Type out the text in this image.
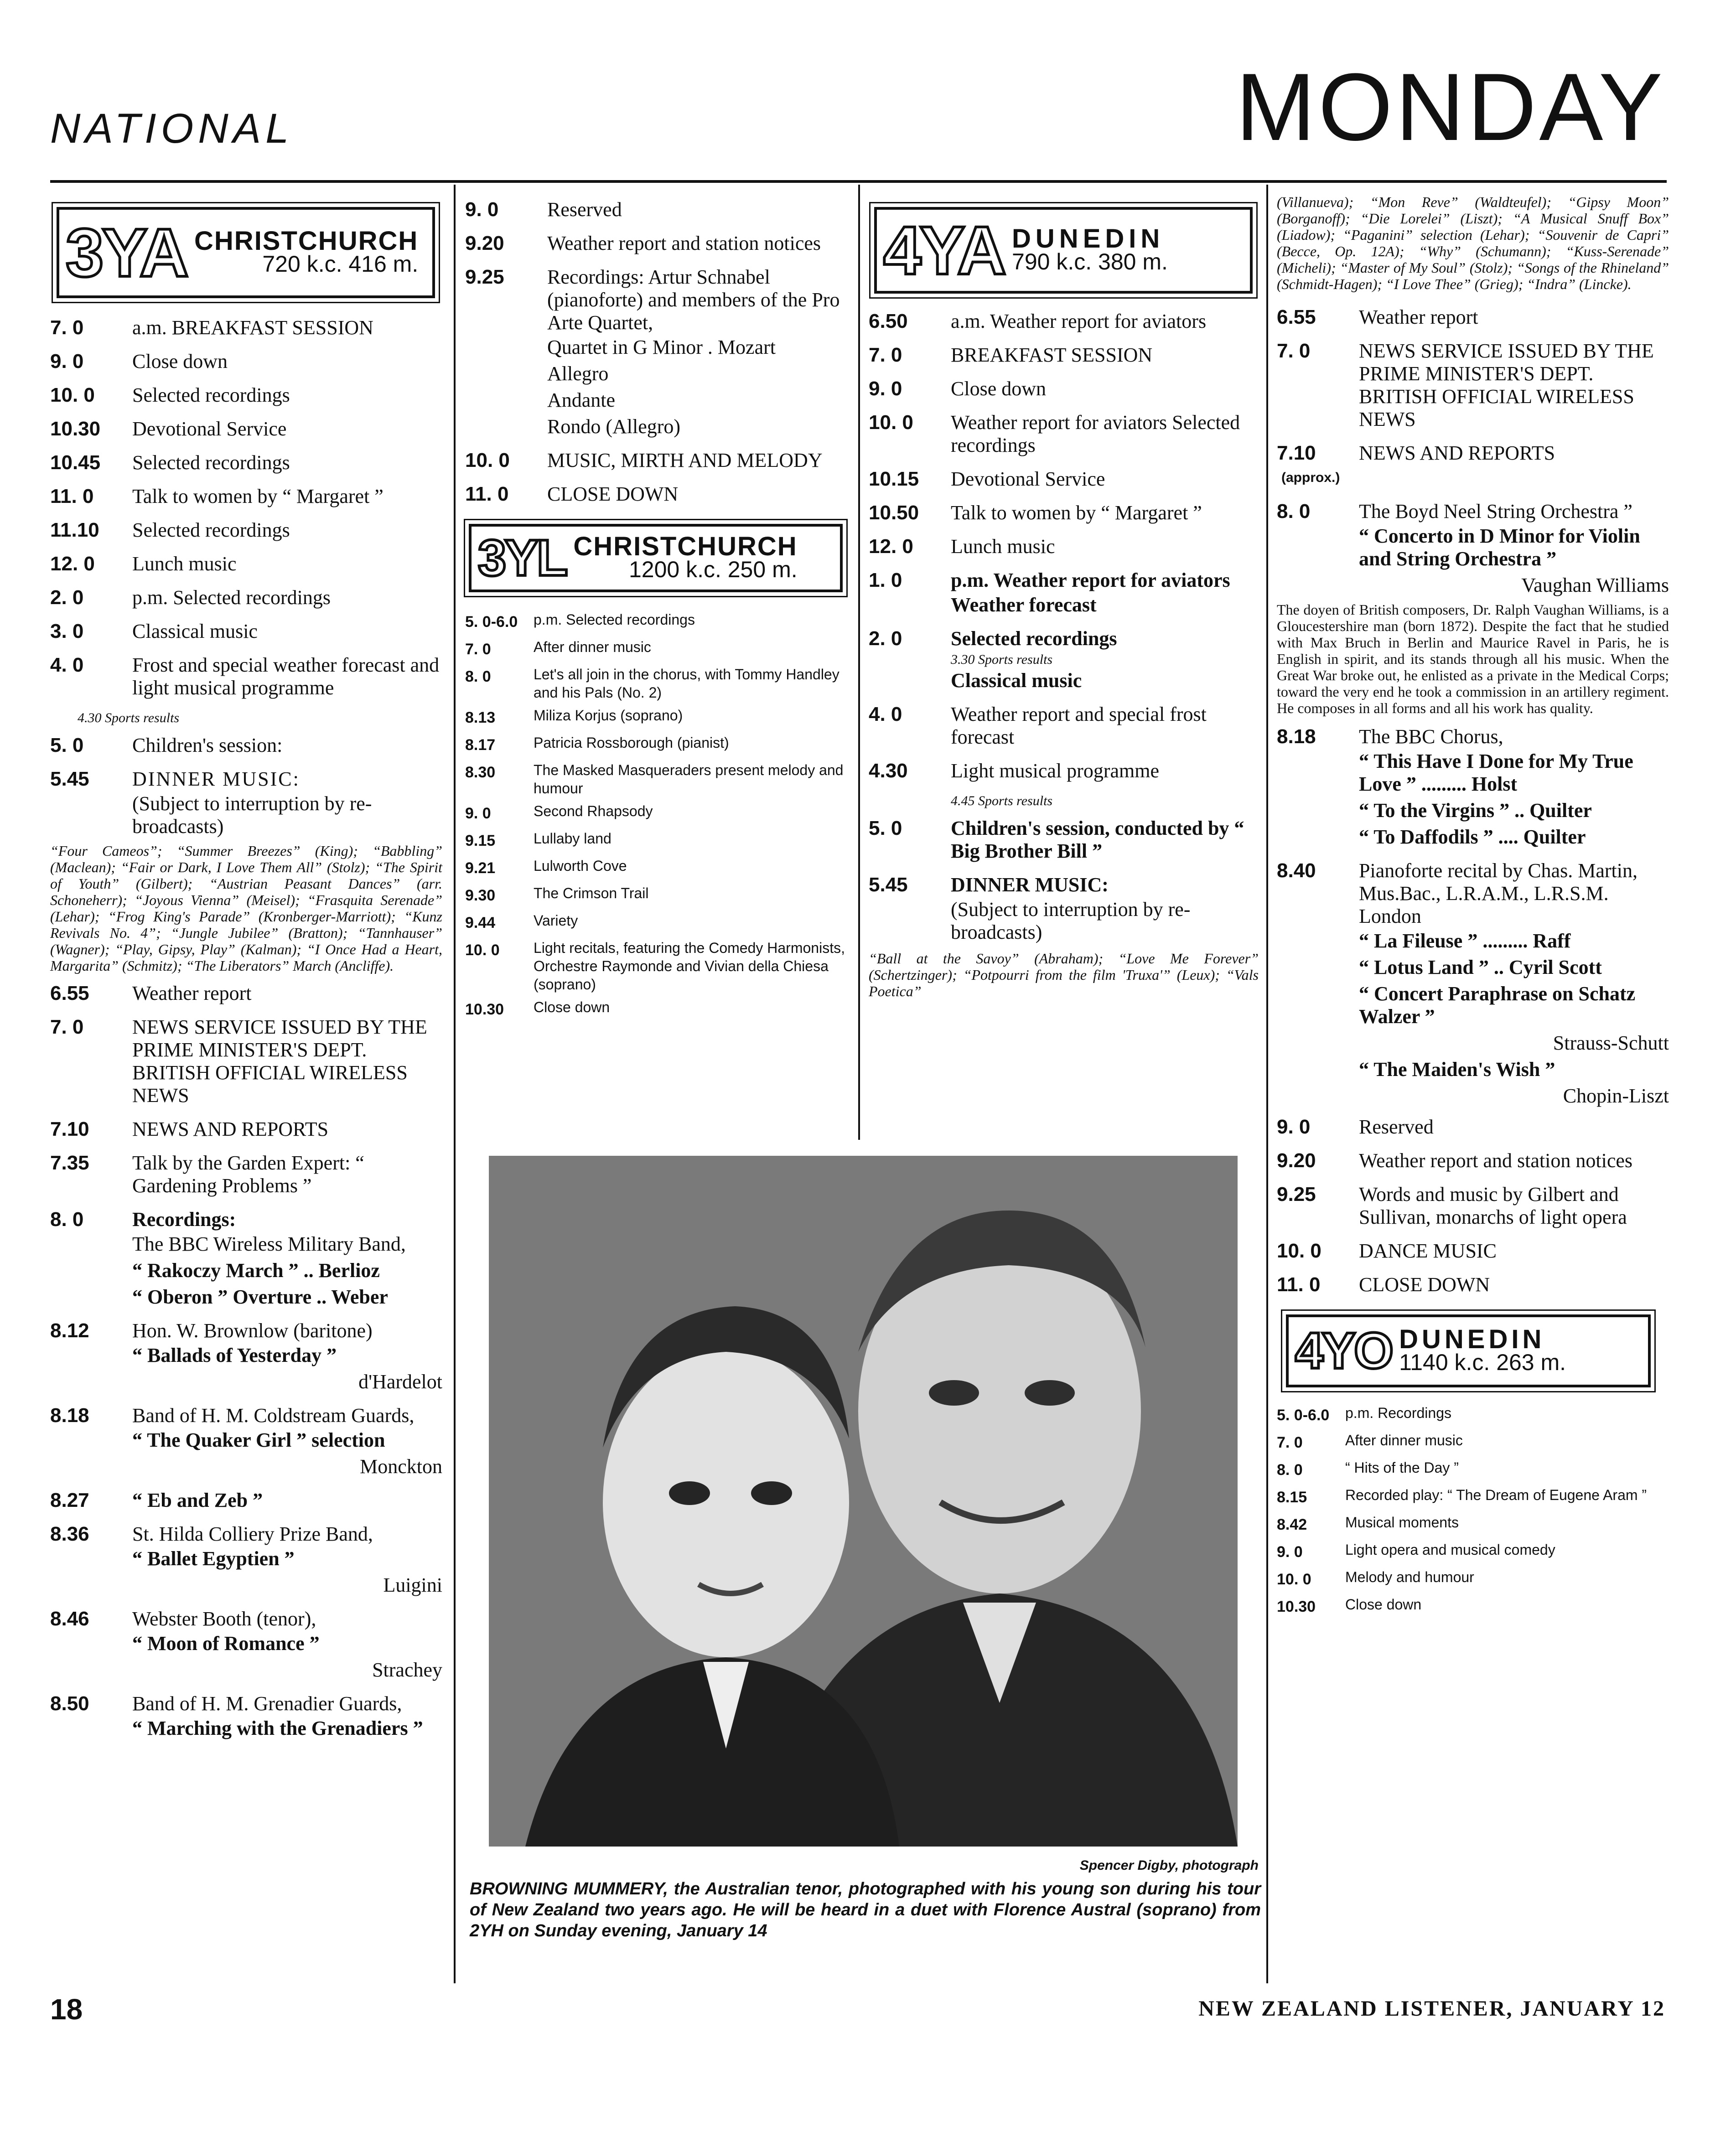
NATIONAL	MONDAY
3YA CHRISTCHURCH
720 k.c. 416 m.
7. 0	a.m. BREAKFAST SESSION
9. 0	Close down
10. 0	Selected recordings
10.30	Devotional Service
10.45	Selected recordings
11. 0	Talk to women by “ Margaret ”
11.10	Selected recordings
12. 0	Lunch music
2. 0	p.m. Selected recordings
3. 0	Classical music
4. 0	Frost and special weather forecast and light musical programme
4.30 Sports results
5. 0	Children's session:
5.45	DINNER MUSIC:
(Subject to interruption by re-broadcasts)
“Four Cameos”; “Summer Breezes” (King); “Babbling” (Maclean); “Fair or Dark, I Love Them All” (Stolz); “The Spirit of Youth” (Gilbert); “Austrian Peasant Dances” (arr. Schoneherr); “Joyous Vienna” (Meisel); “Frasquita Serenade” (Lehar); “Frog King's Parade” (Kronberger-Marriott); “Kunz Revivals No. 4”; “Jungle Jubilee” (Bratton); “Tannhauser” (Wagner); “Play, Gipsy, Play” (Kalman); “I Once Had a Heart, Margarita” (Schmitz); “The Liberators” March (Ancliffe).
6.55	Weather report
7. 0	NEWS SERVICE ISSUED BY THE PRIME MINISTER'S DEPT. BRITISH OFFICIAL WIRELESS NEWS
7.10	NEWS AND REPORTS
7.35	Talk by the Garden Expert: “ Gardening Problems ”
8. 0	Recordings:
The BBC Wireless Military Band,
“ Rakoczy March ” .. Berlioz
“ Oberon ” Overture .. Weber
8.12	Hon. W. Brownlow (baritone)
“ Ballads of Yesterday ”
d'Hardelot
8.18	Band of H. M. Coldstream Guards,
“ The Quaker Girl ” selection
Monckton
8.27	“ Eb and Zeb ”
8.36	St. Hilda Colliery Prize Band,
“ Ballet Egyptien ”
Luigini
8.46	Webster Booth (tenor),
“ Moon of Romance ”
Strachey
8.50	Band of H. M. Grenadier Guards,
“ Marching with the Grenadiers ”
9. 0	Reserved
9.20	Weather report and station notices
9.25	Recordings: Artur Schnabel (pianoforte) and members of the Pro Arte Quartet,
Quartet in G Minor . Mozart
Allegro
Andante
Rondo (Allegro)
10. 0	MUSIC, MIRTH AND MELODY
11. 0	CLOSE DOWN
3YL CHRISTCHURCH
1200 k.c. 250 m.
5. 0-6.0	p.m. Selected recordings
7. 0	After dinner music
8. 0	Let's all join in the chorus, with Tommy Handley and his Pals (No. 2)
8.13	Miliza Korjus (soprano)
8.17	Patricia Rossborough (pianist)
8.30	The Masked Masqueraders present melody and humour
9. 0	Second Rhapsody
9.15	Lullaby land
9.21	Lulworth Cove
9.30	The Crimson Trail
9.44	Variety
10. 0	Light recitals, featuring the Comedy Harmonists, Orchestre Raymonde and Vivian della Chiesa (soprano)
10.30	Close down
4YA DUNEDIN
790 k.c. 380 m.
6.50	a.m. Weather report for aviators
7. 0	BREAKFAST SESSION
9. 0	Close down
10. 0	Weather report for aviators Selected recordings
10.15	Devotional Service
10.50	Talk to women by “ Margaret ”
12. 0	Lunch music
1. 0	p.m. Weather report for aviators
Weather forecast
2. 0	Selected recordings
3.30 Sports results
Classical music
4. 0	Weather report and special frost forecast
4.30	Light musical programme
4.45 Sports results
5. 0	Children's session, conducted by “ Big Brother Bill ”
5.45	DINNER MUSIC:
(Subject to interruption by re-broadcasts)
“Ball at the Savoy” (Abraham); “Love Me Forever” (Schertzinger); “Potpourri from the film 'Truxa'” (Leux); “Vals Poetica”
(Villanueva); “Mon Reve” (Waldteufel); “Gipsy Moon” (Borganoff); “Die Lorelei” (Liszt); “A Musical Snuff Box” (Liadow); “Paganini” selection (Lehar); “Souvenir de Capri” (Becce, Op. 12A); “Why” (Schumann); “Kuss-Serenade” (Micheli); “Master of My Soul” (Stolz); “Songs of the Rhineland” (Schmidt-Hagen); “I Love Thee” (Grieg); “Indra” (Lincke).
6.55	Weather report
7. 0	NEWS SERVICE ISSUED BY THE PRIME MINISTER'S DEPT. BRITISH OFFICIAL WIRELESS NEWS
7.10	NEWS AND REPORTS
(approx.)
8. 0	The Boyd Neel String Orchestra ”
“ Concerto in D Minor for Violin and String Orchestra ”
Vaughan Williams
The doyen of British composers, Dr. Ralph Vaughan Williams, is a Gloucestershire man (born 1872). Despite the fact that he studied with Max Bruch in Berlin and Maurice Ravel in Paris, he is English in spirit, and its stands through all his music. When the Great War broke out, he enlisted as a private in the Medical Corps; toward the very end he took a commission in an artillery regiment. He composes in all forms and all his work has quality.
8.18	The BBC Chorus,
“ This Have I Done for My True Love ” ......... Holst
“ To the Virgins ” .. Quilter
“ To Daffodils ” .... Quilter
8.40	Pianoforte recital by Chas. Martin, Mus.Bac., L.R.A.M., L.R.S.M. London
“ La Fileuse ” ......... Raff
“ Lotus Land ” .. Cyril Scott
“ Concert Paraphrase on Schatz Walzer ”
Strauss-Schutt
“ The Maiden's Wish ”
Chopin-Liszt
9. 0	Reserved
9.20	Weather report and station notices
9.25	Words and music by Gilbert and Sullivan, monarchs of light opera
10. 0	DANCE MUSIC
11. 0	CLOSE DOWN
4YO DUNEDIN
1140 k.c. 263 m.
5. 0-6.0	p.m. Recordings
7. 0	After dinner music
8. 0	“ Hits of the Day ”
8.15	Recorded play: “ The Dream of Eugene Aram ”
8.42	Musical moments
9. 0	Light opera and musical comedy
10. 0	Melody and humour
10.30	Close down
Spencer Digby, photograph
BROWNING MUMMERY, the Australian tenor, photographed with his young son during his tour of New Zealand two years ago. He will be heard in a duet with Florence Austral (soprano) from 2YH on Sunday evening, January 14
18	NEW ZEALAND LISTENER, JANUARY 12
